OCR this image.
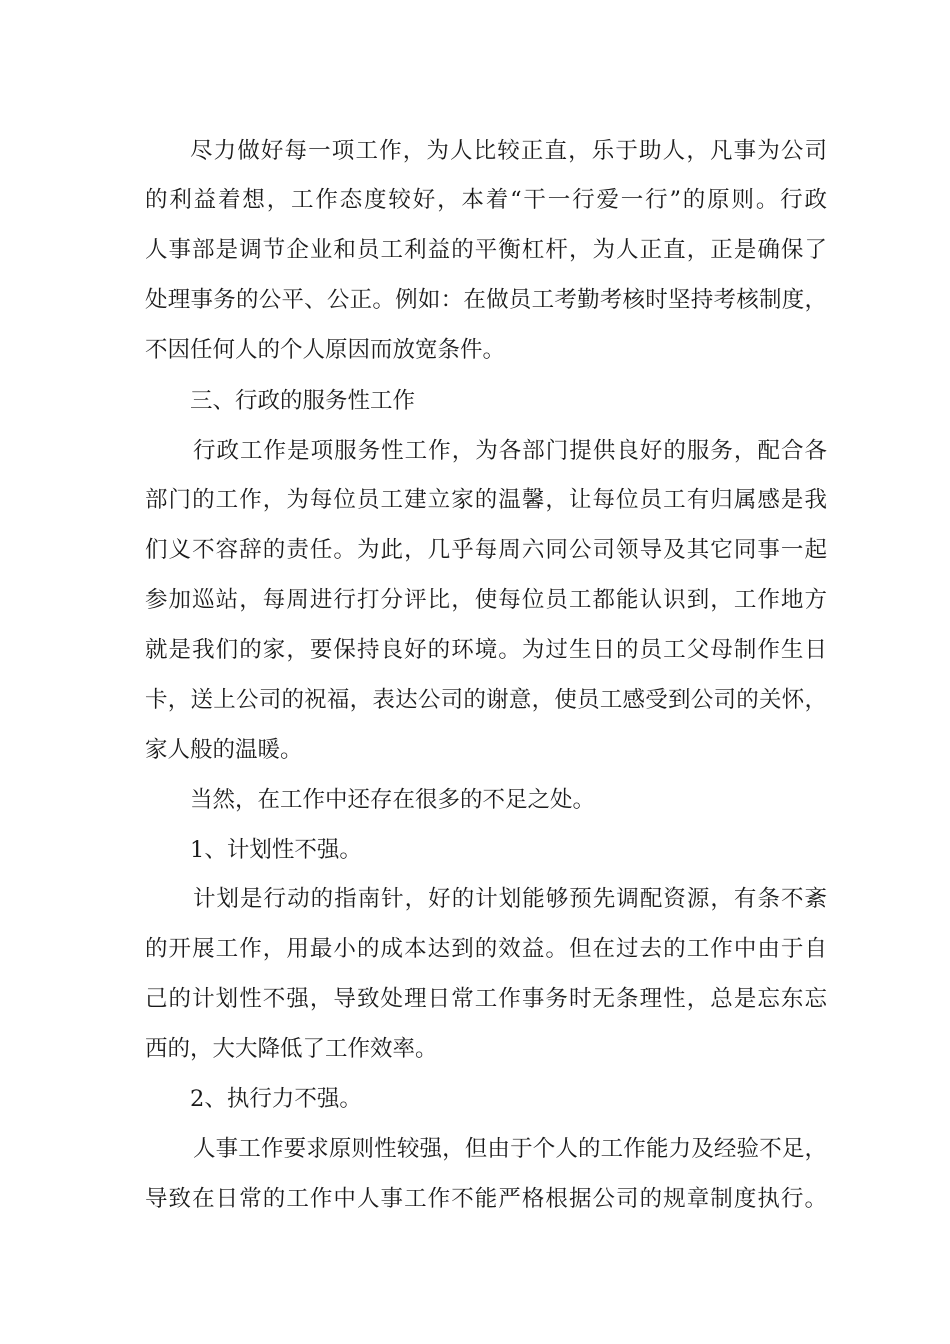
尽力做好每一项工作，为人比较正直，乐于助人，凡事为公司
的利益着想，工作态度较好，本着“干一行爱一行”的原则。行政
人事部是调节企业和员工利益的平衡杠杆，为人正直，正是确保了
处理事务的公平、公正。例如：在做员工考勤考核时坚持考核制度，
不因任何人的个人原因而放宽条件。
三、行政的服务性工作
行政工作是项服务性工作，为各部门提供良好的服务，配合各
部门的工作，为每位员工建立家的温馨，让每位员工有归属感是我
们义不容辞的责任。为此，几乎每周六同公司领导及其它同事一起
参加巡站，每周进行打分评比，使每位员工都能认识到，工作地方
就是我们的家，要保持良好的环境。为过生日的员工父母制作生日
卡，送上公司的祝福，表达公司的谢意，使员工感受到公司的关怀，
家人般的温暖。
当然，在工作中还存在很多的不足之处。
1、计划性不强。
计划是行动的指南针，好的计划能够预先调配资源，有条不紊
的开展工作，用最小的成本达到的效益。但在过去的工作中由于自
己的计划性不强，导致处理日常工作事务时无条理性，总是忘东忘
西的，大大降低了工作效率。
2、执行力不强。
人事工作要求原则性较强，但由于个人的工作能力及经验不足，
导致在日常的工作中人事工作不能严格根据公司的规章制度执行。
